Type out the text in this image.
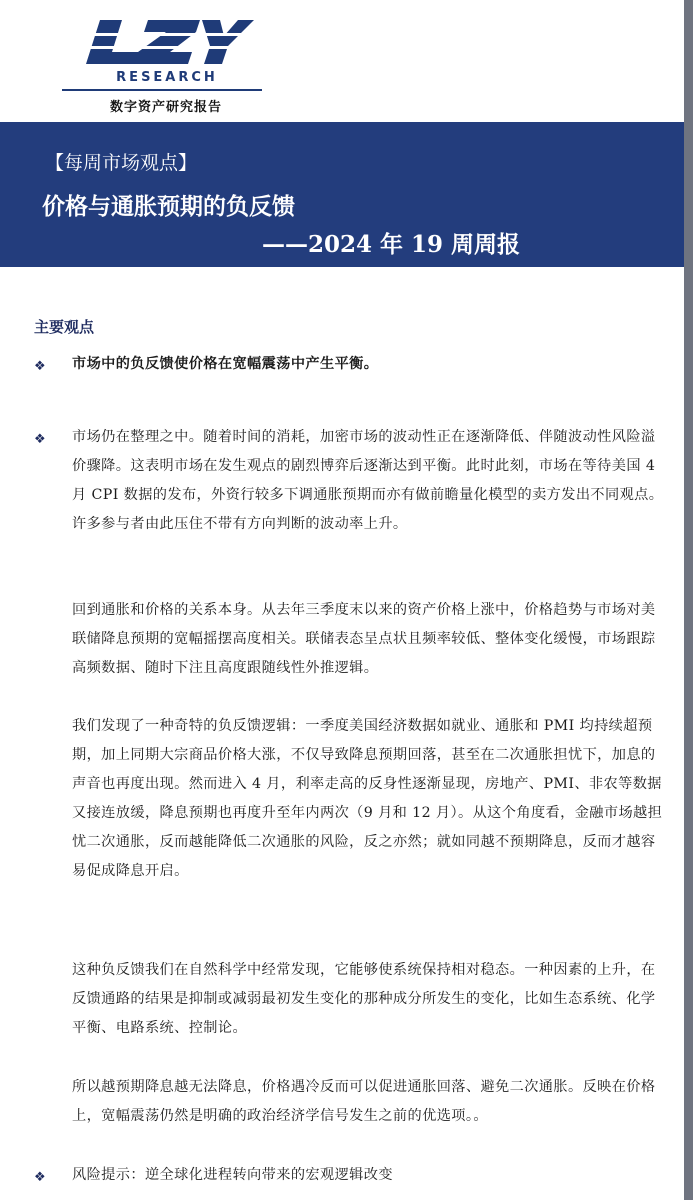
RESEARCH
数字资产研究报告
【每周市场观点】
价格与通胀预期的负反馈
——2024 年 19 周周报
主要观点
❖ 市场中的负反馈使价格在宽幅震荡中产生平衡。
❖ 市场仍在整理之中。随着时间的消耗，加密市场的波动性正在逐渐降低、伴随波动性风险溢价骤降。这表明市场在发生观点的剧烈博弈后逐渐达到平衡。此时此刻，市场在等待美国 4 月 CPI 数据的发布，外资行较多下调通胀预期而亦有做前瞻量化模型的卖方发出不同观点。许多参与者由此压住不带有方向判断的波动率上升。
回到通胀和价格的关系本身。从去年三季度末以来的资产价格上涨中，价格趋势与市场对美联储降息预期的宽幅摇摆高度相关。联储表态呈点状且频率较低、整体变化缓慢，市场跟踪高频数据、随时下注且高度跟随线性外推逻辑。
我们发现了一种奇特的负反馈逻辑：一季度美国经济数据如就业、通胀和 PMI 均持续超预期，加上同期大宗商品价格大涨，不仅导致降息预期回落，甚至在二次通胀担忧下，加息的声音也再度出现。然而进入 4 月，利率走高的反身性逐渐显现，房地产、PMI、非农等数据又接连放缓，降息预期也再度升至年内两次（9 月和 12 月）。从这个角度看，金融市场越担忧二次通胀，反而越能降低二次通胀的风险，反之亦然；就如同越不预期降息，反而才越容易促成降息开启。
这种负反馈我们在自然科学中经常发现，它能够使系统保持相对稳态。一种因素的上升，在反馈通路的结果是抑制或减弱最初发生变化的那种成分所发生的变化，比如生态系统、化学平衡、电路系统、控制论。
所以越预期降息越无法降息，价格遇冷反而可以促进通胀回落、避免二次通胀。反映在价格上，宽幅震荡仍然是明确的政治经济学信号发生之前的优选项。。
❖ 风险提示：逆全球化进程转向带来的宏观逻辑改变
